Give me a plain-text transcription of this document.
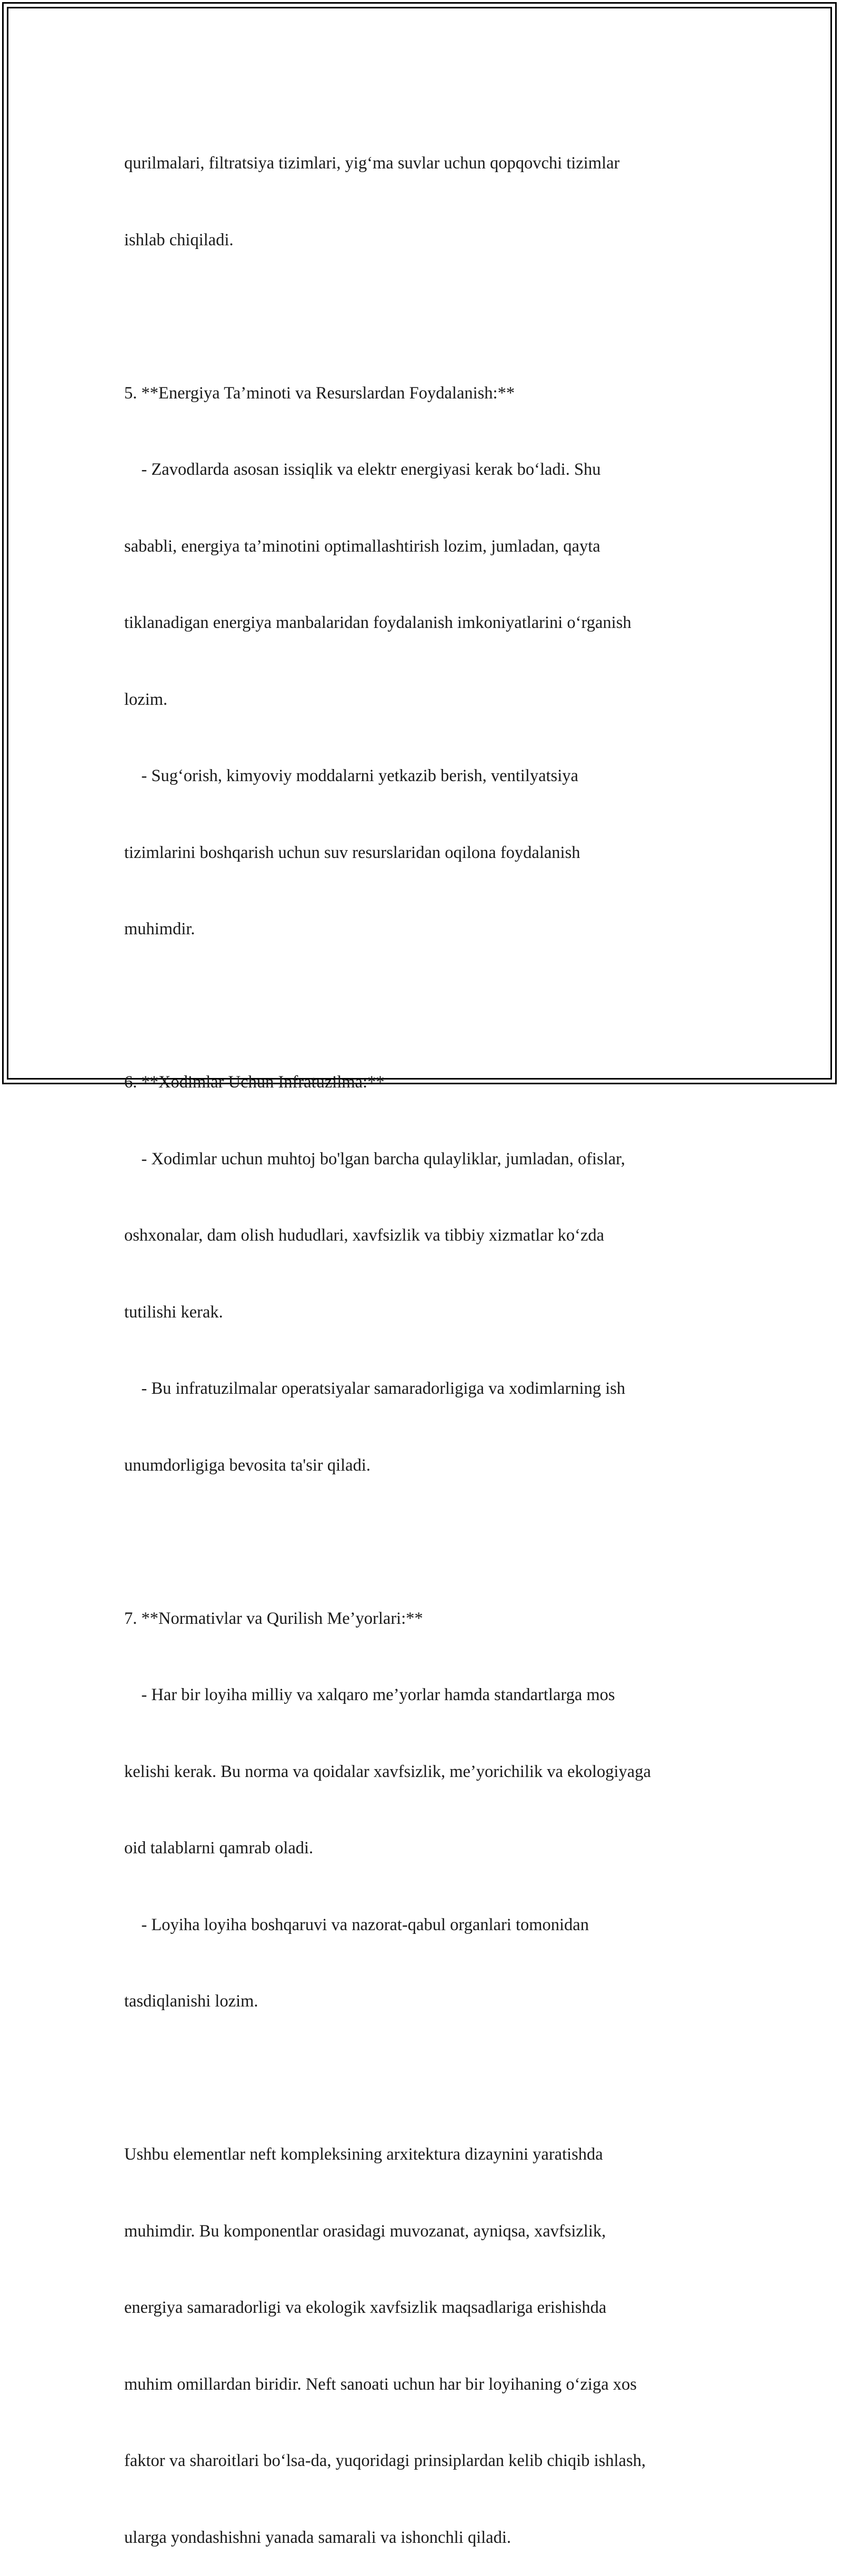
qurilmalari, filtratsiya tizimlari, yig‘ma suvlar uchun qopqovchi tizimlar

ishlab chiqiladi.

5. **Energiya Ta’minoti va Resurslardan Foydalanish:**

- Zavodlarda asosan issiqlik va elektr energiyasi kerak bo‘ladi. Shu

sababli, energiya ta’minotini optimallashtirish lozim, jumladan, qayta

tiklanadigan energiya manbalaridan foydalanish imkoniyatlarini o‘rganish

lozim.

- Sug‘orish, kimyoviy moddalarni yetkazib berish, ventilyatsiya

tizimlarini boshqarish uchun suv resurslaridan oqilona foydalanish

muhimdir.

6. **Xodimlar Uchun Infratuzilma:**

- Xodimlar uchun muhtoj bo'lgan barcha qulayliklar, jumladan, ofislar,

oshxonalar, dam olish hududlari, xavfsizlik va tibbiy xizmatlar ko‘zda

tutilishi kerak.

- Bu infratuzilmalar operatsiyalar samaradorligiga va xodimlarning ish

unumdorligiga bevosita ta'sir qiladi.

7. **Normativlar va Qurilish Me’yorlari:**

- Har bir loyiha milliy va xalqaro me’yorlar hamda standartlarga mos

kelishi kerak. Bu norma va qoidalar xavfsizlik, me’yorichilik va ekologiyaga

oid talablarni qamrab oladi.

- Loyiha loyiha boshqaruvi va nazorat-qabul organlari tomonidan

tasdiqlanishi lozim.

Ushbu elementlar neft kompleksining arxitektura dizaynini yaratishda

muhimdir. Bu komponentlar orasidagi muvozanat, ayniqsa, xavfsizlik,

energiya samaradorligi va ekologik xavfsizlik maqsadlariga erishishda

muhim omillardan biridir. Neft sanoati uchun har bir loyihaning o‘ziga xos

faktor va sharoitlari bo‘lsa-da, yuqoridagi prinsiplardan kelib chiqib ishlash,

ularga yondashishni yanada samarali va ishonchli qiladi.
